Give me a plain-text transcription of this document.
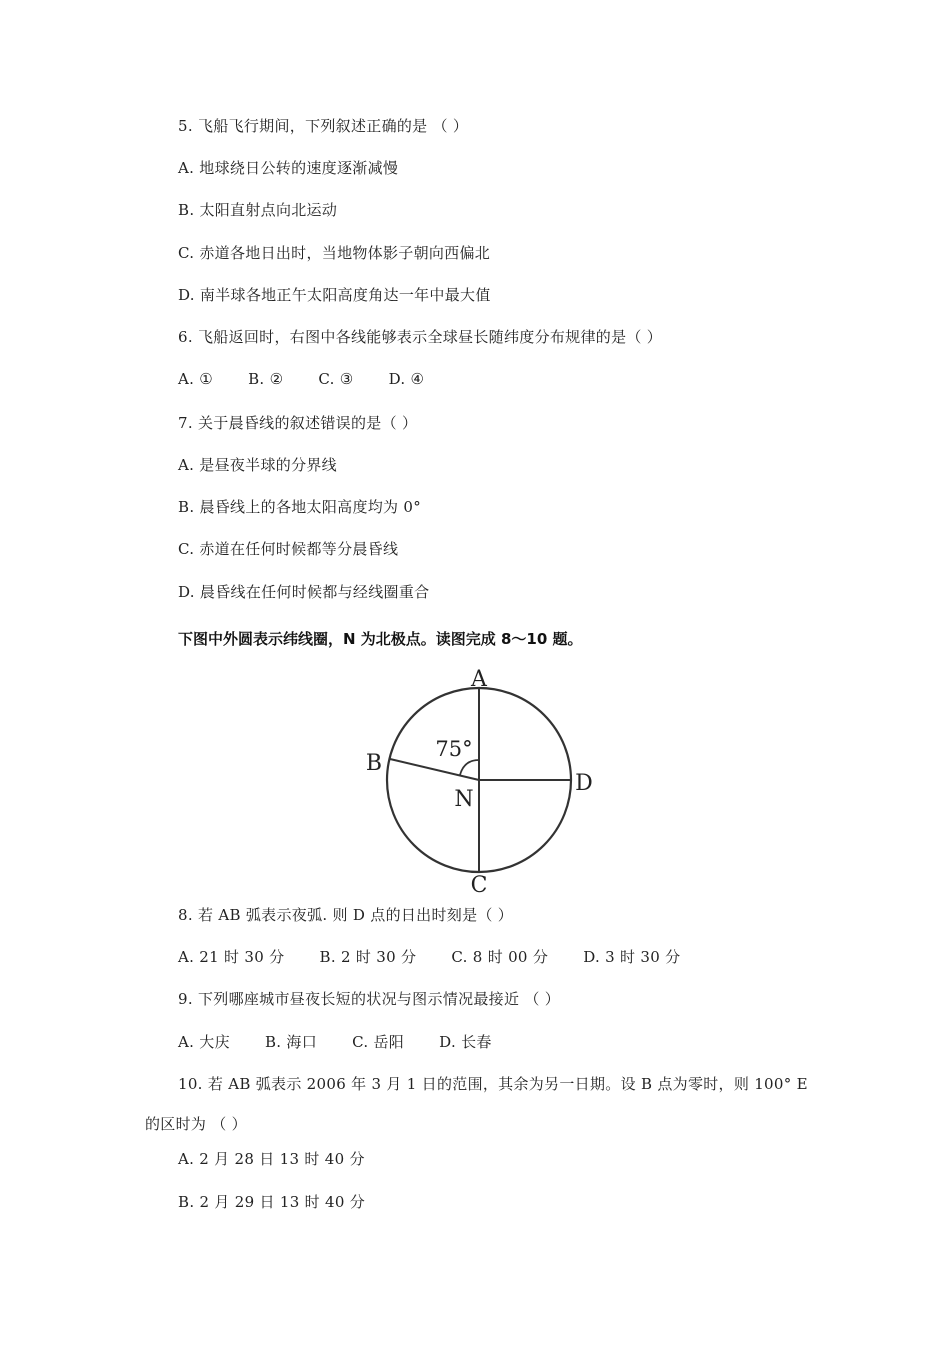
5. 飞船飞行期间，下列叙述正确的是 （ ）
A. 地球绕日公转的速度逐渐减慢
B. 太阳直射点向北运动
C. 赤道各地日出时，当地物体影子朝向西偏北
D. 南半球各地正午太阳高度角达一年中最大值
6. 飞船返回时，右图中各线能够表示全球昼长随纬度分布规律的是（ ）
A. ① B. ② C. ③ D. ④
7. 关于晨昏线的叙述错误的是（ ）
A. 是昼夜半球的分界线
B. 晨昏线上的各地太阳高度均为 0°
C. 赤道在任何时候都等分晨昏线
D. 晨昏线在任何时候都与经线圈重合
下图中外圆表示纬线圈，N 为北极点。读图完成 8～10 题。
A
B
C
D
N
75°
8. 若 AB 弧表示夜弧. 则 D 点的日出时刻是（ ）
A. 21 时 30 分 B. 2 时 30 分 C. 8 时 00 分 D. 3 时 30 分
9. 下列哪座城市昼夜长短的状况与图示情况最接近 （ ）
A. 大庆 B. 海口 C. 岳阳 D. 长春
10. 若 AB 弧表示 2006 年 3 月 1 日的范围，其余为另一日期。设 B 点为零时，则 100° E 的区时为 （ ）
A. 2 月 28 日 13 时 40 分
B. 2 月 29 日 13 时 40 分
